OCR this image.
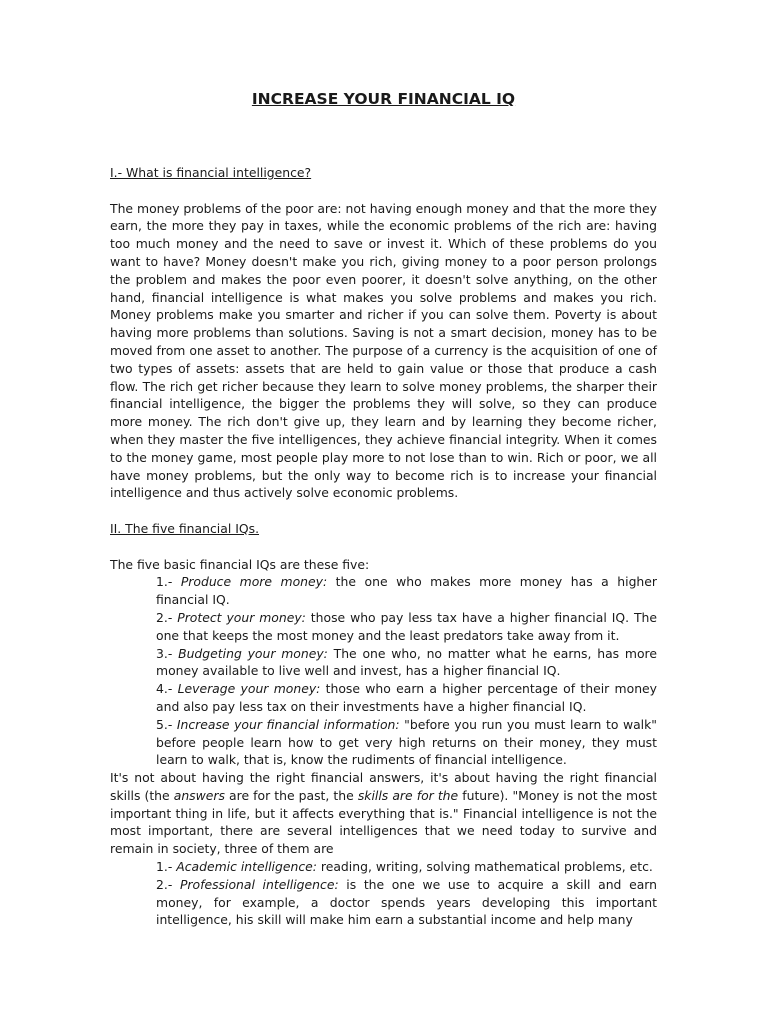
INCREASE YOUR FINANCIAL IQ

I.- What is financial intelligence?

The money problems of the poor are: not having enough money and that the more they earn, the more they pay in taxes, while the economic problems of the rich are: having too much money and the need to save or invest it. Which of these problems do you want to have? Money doesn't make you rich, giving money to a poor person prolongs the problem and makes the poor even poorer, it doesn't solve anything, on the other hand, financial intelligence is what makes you solve problems and makes you rich. Money problems make you smarter and richer if you can solve them. Poverty is about having more problems than solutions. Saving is not a smart decision, money has to be moved from one asset to another. The purpose of a currency is the acquisition of one of two types of assets: assets that are held to gain value or those that produce a cash flow. The rich get richer because they learn to solve money problems, the sharper their financial intelligence, the bigger the problems they will solve, so they can produce more money. The rich don't give up, they learn and by learning they become richer, when they master the five intelligences, they achieve financial integrity. When it comes to the money game, most people play more to not lose than to win. Rich or poor, we all have money problems, but the only way to become rich is to increase your financial intelligence and thus actively solve economic problems.

II. The five financial IQs.

The five basic financial IQs are these five:

1.- Produce more money: the one who makes more money has a higher financial IQ.

2.- Protect your money: those who pay less tax have a higher financial IQ. The one that keeps the most money and the least predators take away from it.

3.- Budgeting your money: The one who, no matter what he earns, has more money available to live well and invest, has a higher financial IQ.

4.- Leverage your money: those who earn a higher percentage of their money and also pay less tax on their investments have a higher financial IQ.

5.- Increase your financial information: "before you run you must learn to walk" before people learn how to get very high returns on their money, they must learn to walk, that is, know the rudiments of financial intelligence.

It's not about having the right financial answers, it's about having the right financial skills (the answers are for the past, the skills are for the future). "Money is not the most important thing in life, but it affects everything that is." Financial intelligence is not the most important, there are several intelligences that we need today to survive and remain in society, three of them are

1.- Academic intelligence: reading, writing, solving mathematical problems, etc.

2.- Professional intelligence: is the one we use to acquire a skill and earn money, for example, a doctor spends years developing this important intelligence, his skill will make him earn a substantial income and help many
